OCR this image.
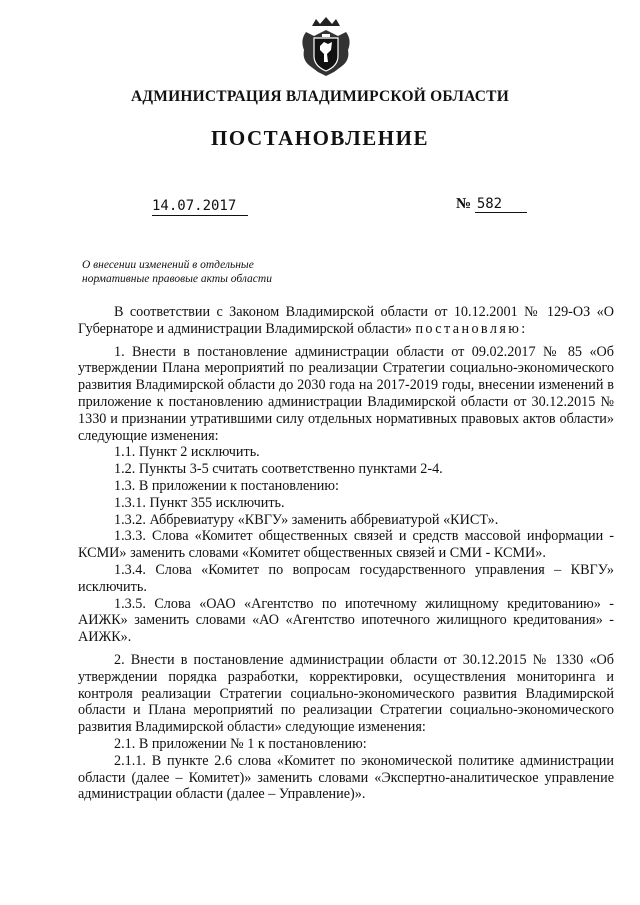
АДМИНИСТРАЦИЯ ВЛАДИМИРСКОЙ ОБЛАСТИ
ПОСТАНОВЛЕНИЕ
14.07.2017	№ 582
О внесении изменений в отдельные
нормативные правовые акты области

В соответствии с Законом Владимирской области от 10.12.2001 № 129-ОЗ «О Губернаторе и администрации Владимирской области» постановляю:

1. Внести в постановление администрации области от 09.02.2017 № 85 «Об утверждении Плана мероприятий по реализации Стратегии социально-экономического развития Владимирской области до 2030 года на 2017-2019 годы, внесении изменений в приложение к постановлению администрации Владимирской области от 30.12.2015 № 1330 и признании утратившими силу отдельных нормативных правовых актов области» следующие изменения:

1.1. Пункт 2 исключить.

1.2. Пункты 3-5 считать соответственно пунктами 2-4.

1.3. В приложении к постановлению:

1.3.1. Пункт 355 исключить.

1.3.2. Аббревиатуру «КВГУ» заменить аббревиатурой «КИСТ».

1.3.3. Слова «Комитет общественных связей и средств массовой информации - КСМИ» заменить словами «Комитет общественных связей и СМИ - КСМИ».

1.3.4. Слова «Комитет по вопросам государственного управления – КВГУ» исключить.

1.3.5. Слова «ОАО «Агентство по ипотечному жилищному кредитованию» - АИЖК» заменить словами «АО «Агентство ипотечного жилищного кредитования» - АИЖК».

2. Внести в постановление администрации области от 30.12.2015 № 1330 «Об утверждении порядка разработки, корректировки, осуществления мониторинга и контроля реализации Стратегии социально-экономического развития Владимирской области и Плана мероприятий по реализации Стратегии социально-экономического развития Владимирской области» следующие изменения:

2.1. В приложении № 1 к постановлению:

2.1.1. В пункте 2.6 слова «Комитет по экономической политике администрации области (далее – Комитет)» заменить словами «Экспертно-аналитическое управление администрации области (далее – Управление)».
